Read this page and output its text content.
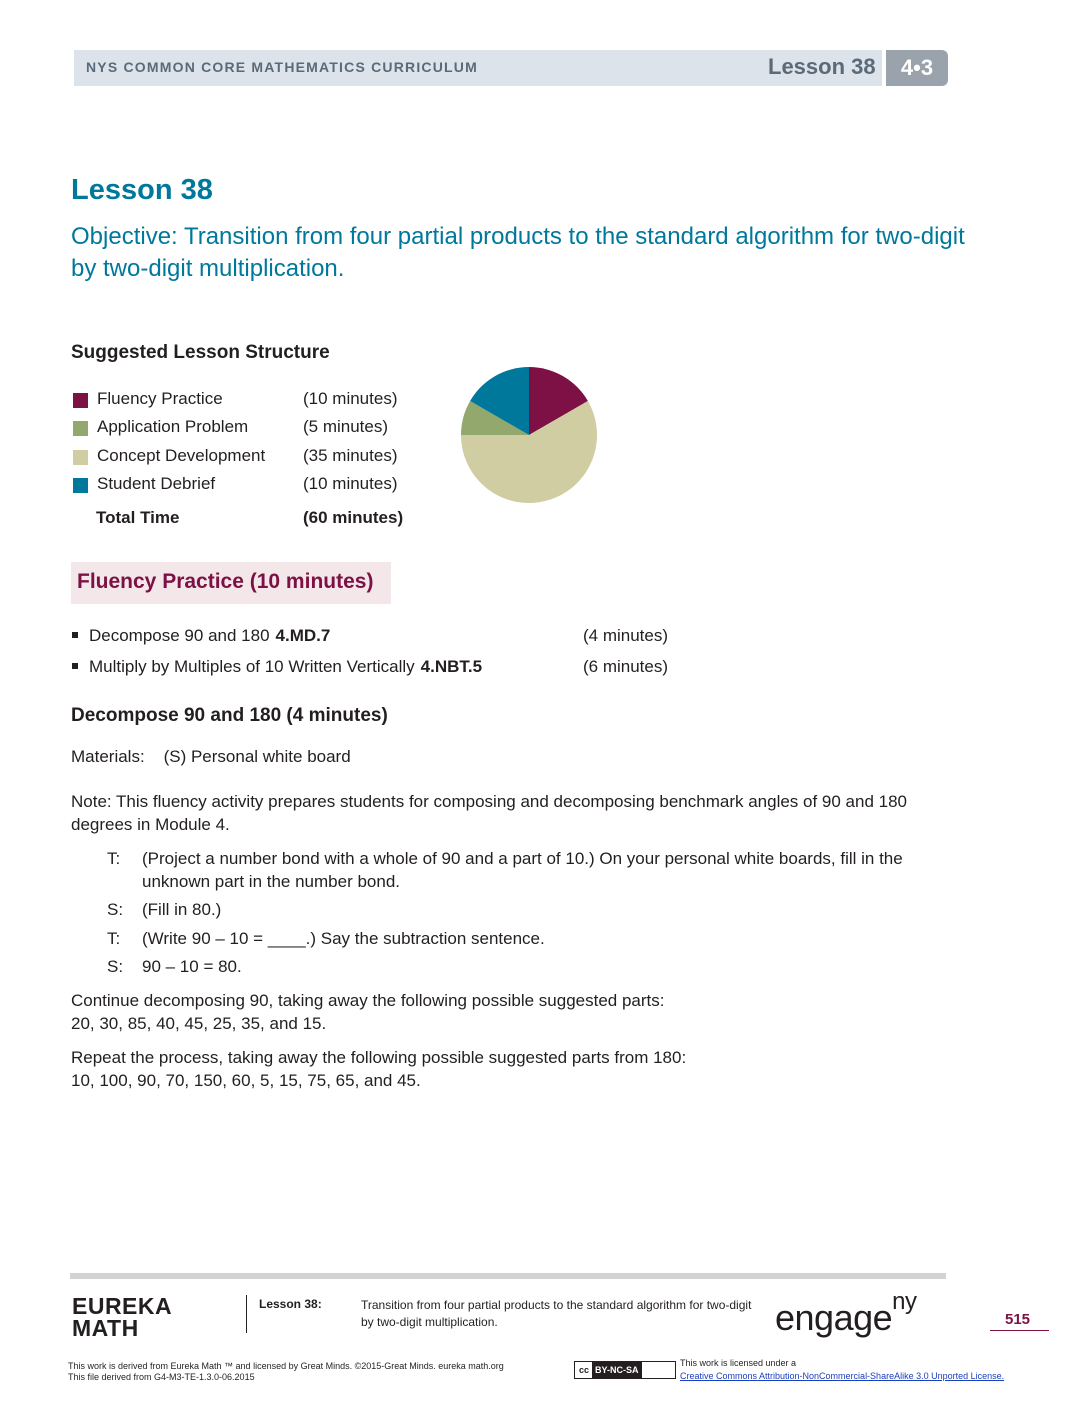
NYS COMMON CORE MATHEMATICS CURRICULUM	Lesson 38	4•3
Lesson 38
Objective: Transition from four partial products to the standard algorithm for two-digit by two-digit multiplication.
Suggested Lesson Structure
Fluency Practice	(10 minutes)
Application Problem	(5 minutes)
Concept Development (35 minutes)
Student Debrief	(10 minutes)
Total Time	(60 minutes)
Fluency Practice (10 minutes)
Decompose 90 and 180 4.MD.7	(4 minutes)
Multiply by Multiples of 10 Written Vertically 4.NBT.5	(6 minutes)
Decompose 90 and 180 (4 minutes)
Materials:    (S) Personal white board
Note: This fluency activity prepares students for composing and decomposing benchmark angles of 90 and 180 degrees in Module 4.
T: (Project a number bond with a whole of 90 and a part of 10.) On your personal white boards, fill in the unknown part in the number bond.
S: (Fill in 80.)
T: (Write 90 – 10 = ____.) Say the subtraction sentence.
S: 90 – 10 = 80.
Continue decomposing 90, taking away the following possible suggested parts:
20, 30, 85, 40, 45, 25, 35, and 15.
Repeat the process, taking away the following possible suggested parts from 180:
10, 100, 90, 70, 150, 60, 5, 15, 75, 65, and 45.
EUREKA
MATH
Lesson 38:	Transition from four partial products to the standard algorithm for two-digit by two-digit multiplication.	engage$^{ny}$
515
This work is derived from Eureka Math ™ and licensed by Great Minds. ©2015-Great Minds. eureka math.org
This file derived from G4-M3-TE-1.3.0-06.2015
cc BY-NC-SA
This work is licensed under a
Creative Commons Attribution-NonCommercial-ShareAlike 3.0 Unported License.
